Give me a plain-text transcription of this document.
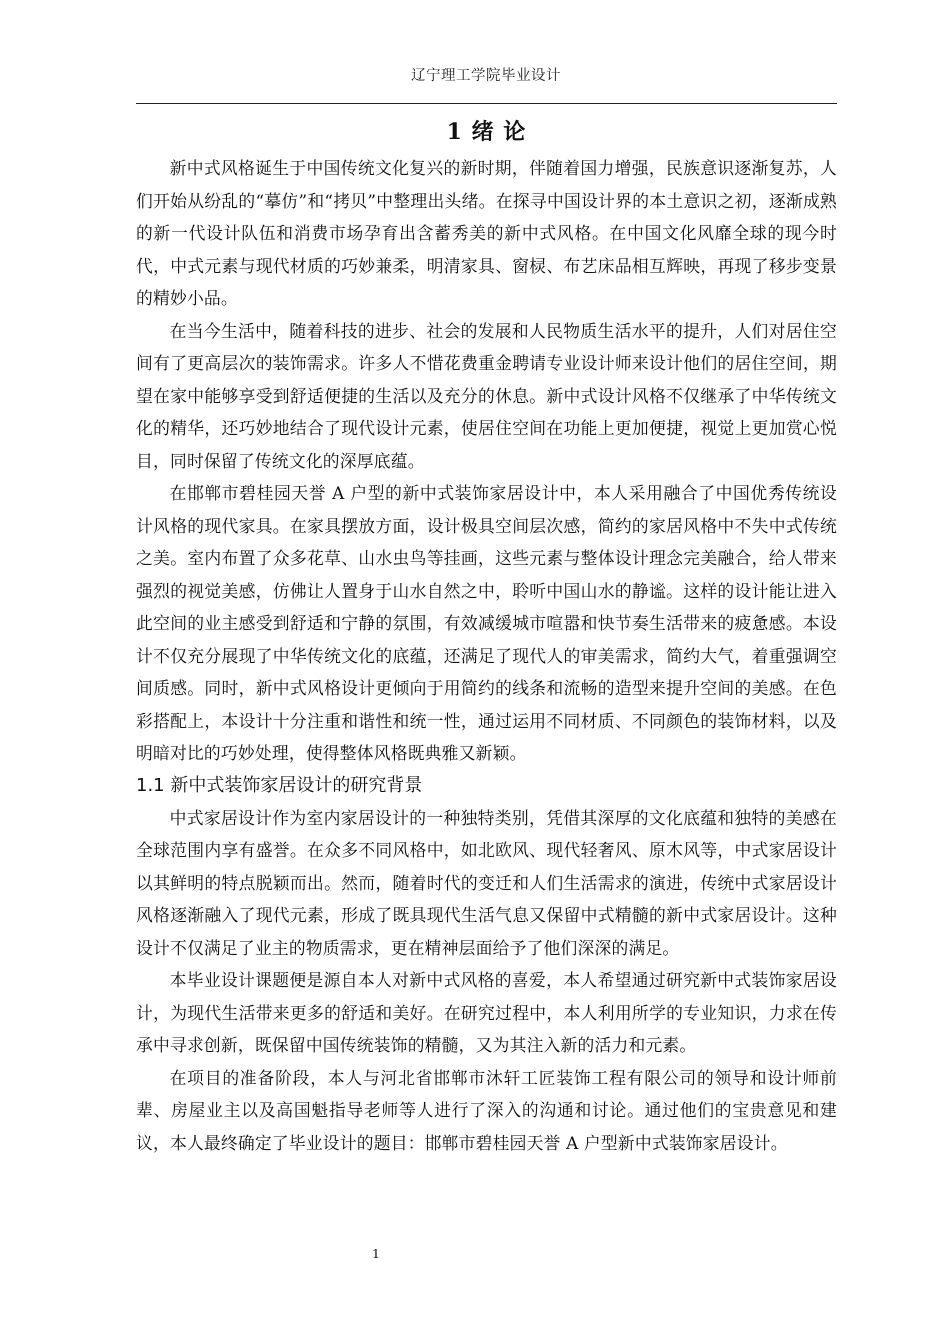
辽宁理工学院毕业设计
1 绪 论

新中式风格诞生于中国传统文化复兴的新时期，伴随着国力增强，民族意识逐渐复苏，人们开始从纷乱的“摹仿”和“拷贝”中整理出头绪。在探寻中国设计界的本土意识之初，逐渐成熟的新一代设计队伍和消费市场孕育出含蓄秀美的新中式风格。在中国文化风靡全球的现今时代，中式元素与现代材质的巧妙兼柔，明清家具、窗棂、布艺床品相互辉映，再现了移步变景的精妙小品。

在当今生活中，随着科技的进步、社会的发展和人民物质生活水平的提升，人们对居住空间有了更高层次的装饰需求。许多人不惜花费重金聘请专业设计师来设计他们的居住空间，期望在家中能够享受到舒适便捷的生活以及充分的休息。新中式设计风格不仅继承了中华传统文化的精华，还巧妙地结合了现代设计元素，使居住空间在功能上更加便捷，视觉上更加赏心悦目，同时保留了传统文化的深厚底蕴。

在邯郸市碧桂园天誉 A 户型的新中式装饰家居设计中，本人采用融合了中国优秀传统设计风格的现代家具。在家具摆放方面，设计极具空间层次感，简约的家居风格中不失中式传统之美。室内布置了众多花草、山水虫鸟等挂画，这些元素与整体设计理念完美融合，给人带来强烈的视觉美感，仿佛让人置身于山水自然之中，聆听中国山水的静谧。这样的设计能让进入此空间的业主感受到舒适和宁静的氛围，有效减缓城市喧嚣和快节奏生活带来的疲惫感。本设计不仅充分展现了中华传统文化的底蕴，还满足了现代人的审美需求，简约大气，着重强调空间质感。同时，新中式风格设计更倾向于用简约的线条和流畅的造型来提升空间的美感。在色彩搭配上，本设计十分注重和谐性和统一性，通过运用不同材质、不同颜色的装饰材料，以及明暗对比的巧妙处理，使得整体风格既典雅又新颖。

1.1 新中式装饰家居设计的研究背景

中式家居设计作为室内家居设计的一种独特类别，凭借其深厚的文化底蕴和独特的美感在全球范围内享有盛誉。在众多不同风格中，如北欧风、现代轻奢风、原木风等，中式家居设计以其鲜明的特点脱颖而出。然而，随着时代的变迁和人们生活需求的演进，传统中式家居设计风格逐渐融入了现代元素，形成了既具现代生活气息又保留中式精髓的新中式家居设计。这种设计不仅满足了业主的物质需求，更在精神层面给予了他们深深的满足。

本毕业设计课题便是源自本人对新中式风格的喜爱，本人希望通过研究新中式装饰家居设计，为现代生活带来更多的舒适和美好。在研究过程中，本人利用所学的专业知识，力求在传承中寻求创新，既保留中国传统装饰的精髓，又为其注入新的活力和元素。

在项目的准备阶段，本人与河北省邯郸市沐轩工匠装饰工程有限公司的领导和设计师前辈、房屋业主以及高国魁指导老师等人进行了深入的沟通和讨论。通过他们的宝贵意见和建议，本人最终确定了毕业设计的题目：邯郸市碧桂园天誉 A 户型新中式装饰家居设计。

1
